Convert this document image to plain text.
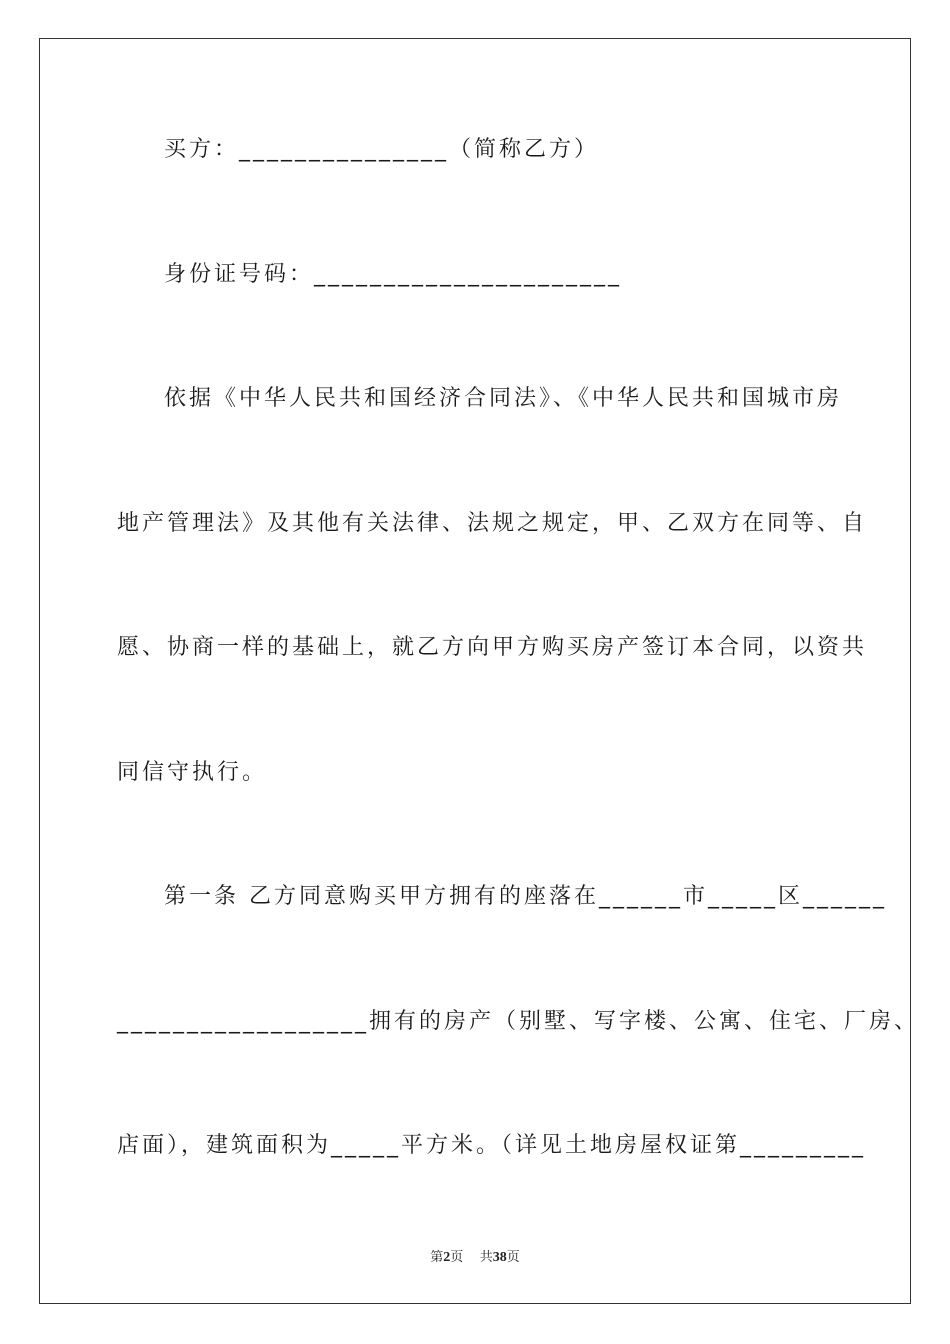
买方：_______________（简称乙方）
身份证号码：______________________
依据《中华人民共和国经济合同法》、《中华人民共和国城市房
地产管理法》及其他有关法律、法规之规定，甲、乙双方在同等、自
愿、协商一样的基础上，就乙方向甲方购买房产签订本合同，以资共
同信守执行。
第一条 乙方同意购买甲方拥有的座落在______市_____区______
__________________拥有的房产（别墅、写字楼、公寓、住宅、厂房、
店面），建筑面积为_____平方米。（详见土地房屋权证第_________
第2页 共38页
